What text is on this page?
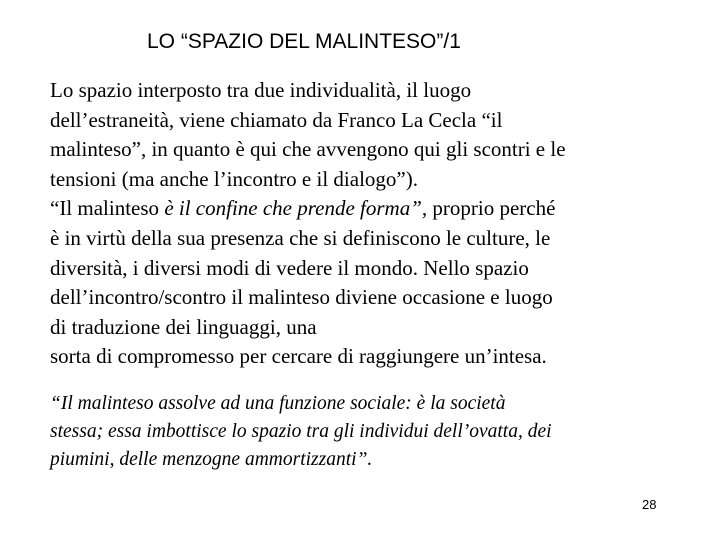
LO “SPAZIO DEL MALINTESO”/1
Lo spazio interposto tra due individualità, il luogo
dell’estraneità, viene chiamato da Franco La Cecla “il
malinteso”, in quanto è qui che avvengono qui gli scontri e le
tensioni (ma anche l’incontro e il dialogo”).
“Il malinteso è il confine che prende forma”, proprio perché
è in virtù della sua presenza che si definiscono le culture, le
diversità, i diversi modi di vedere il mondo. Nello spazio
dell’incontro/scontro il malinteso diviene occasione e luogo
di traduzione dei linguaggi, una
sorta di compromesso per cercare di raggiungere un’intesa.
“Il malinteso assolve ad una funzione sociale: è la società
stessa; essa imbottisce lo spazio tra gli individui dell’ovatta, dei
piumini, delle menzogne ammortizzanti”.
28
